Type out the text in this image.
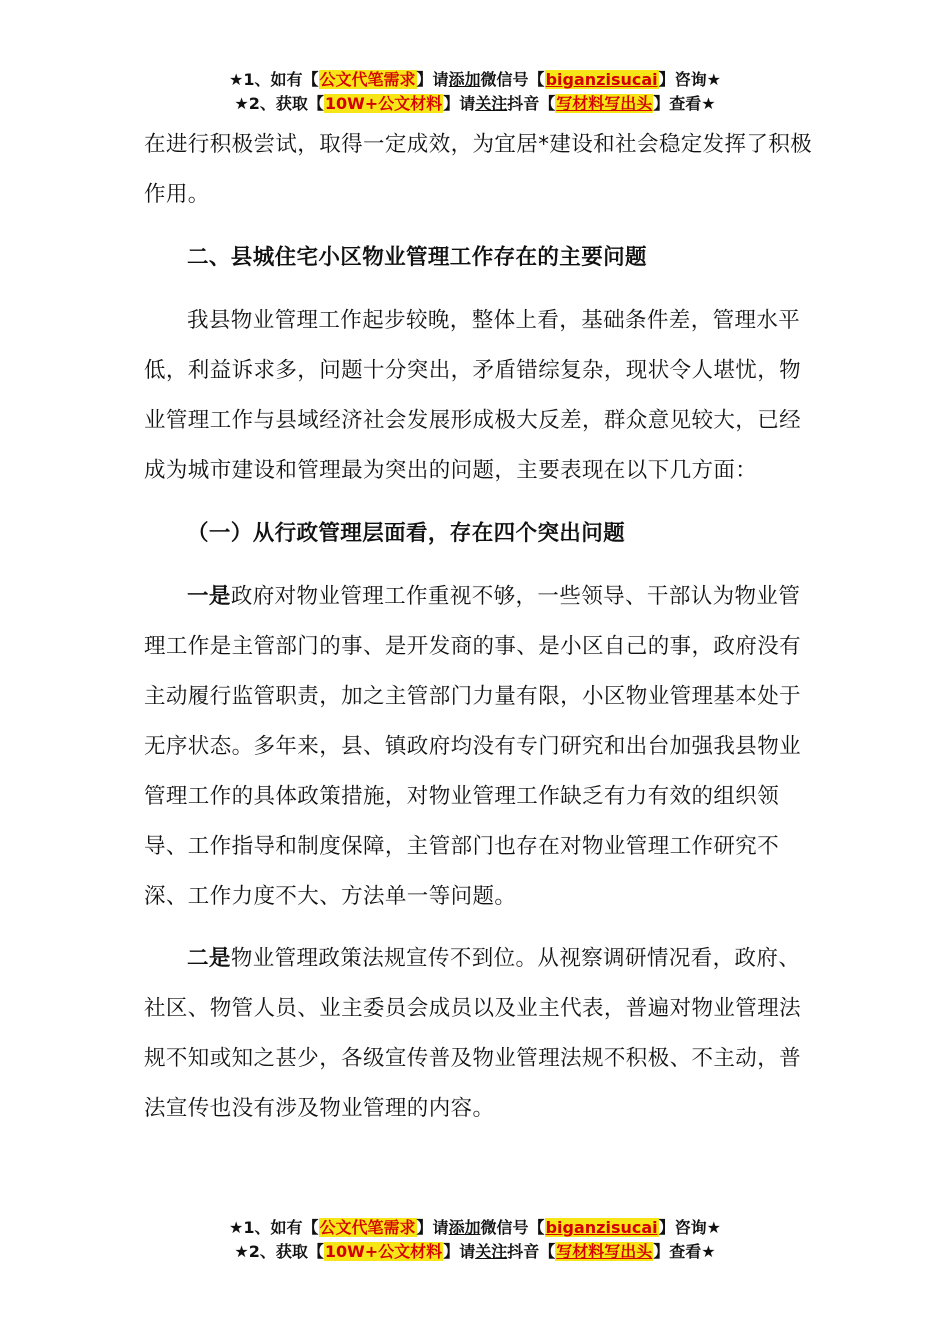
★1、如有【公文代笔需求】请添加微信号【biganzisucai】咨询★
★2、获取【10W+公文材料】请关注抖音【写材料写出头】查看★

在进行积极尝试，取得一定成效，为宜居*建设和社会稳定发挥了积极作用。

二、县城住宅小区物业管理工作存在的主要问题

我县物业管理工作起步较晚，整体上看，基础条件差，管理水平低，利益诉求多，问题十分突出，矛盾错综复杂，现状令人堪忧，物业管理工作与县域经济社会发展形成极大反差，群众意见较大，已经成为城市建设和管理最为突出的问题，主要表现在以下几方面：

（一）从行政管理层面看，存在四个突出问题

一是政府对物业管理工作重视不够，一些领导、干部认为物业管理工作是主管部门的事、是开发商的事、是小区自己的事，政府没有主动履行监管职责，加之主管部门力量有限，小区物业管理基本处于无序状态。多年来，县、镇政府均没有专门研究和出台加强我县物业管理工作的具体政策措施，对物业管理工作缺乏有力有效的组织领导、工作指导和制度保障，主管部门也存在对物业管理工作研究不深、工作力度不大、方法单一等问题。

二是物业管理政策法规宣传不到位。从视察调研情况看，政府、社区、物管人员、业主委员会成员以及业主代表，普遍对物业管理法规不知或知之甚少，各级宣传普及物业管理法规不积极、不主动，普法宣传也没有涉及物业管理的内容。

★1、如有【公文代笔需求】请添加微信号【biganzisucai】咨询★
★2、获取【10W+公文材料】请关注抖音【写材料写出头】查看★
